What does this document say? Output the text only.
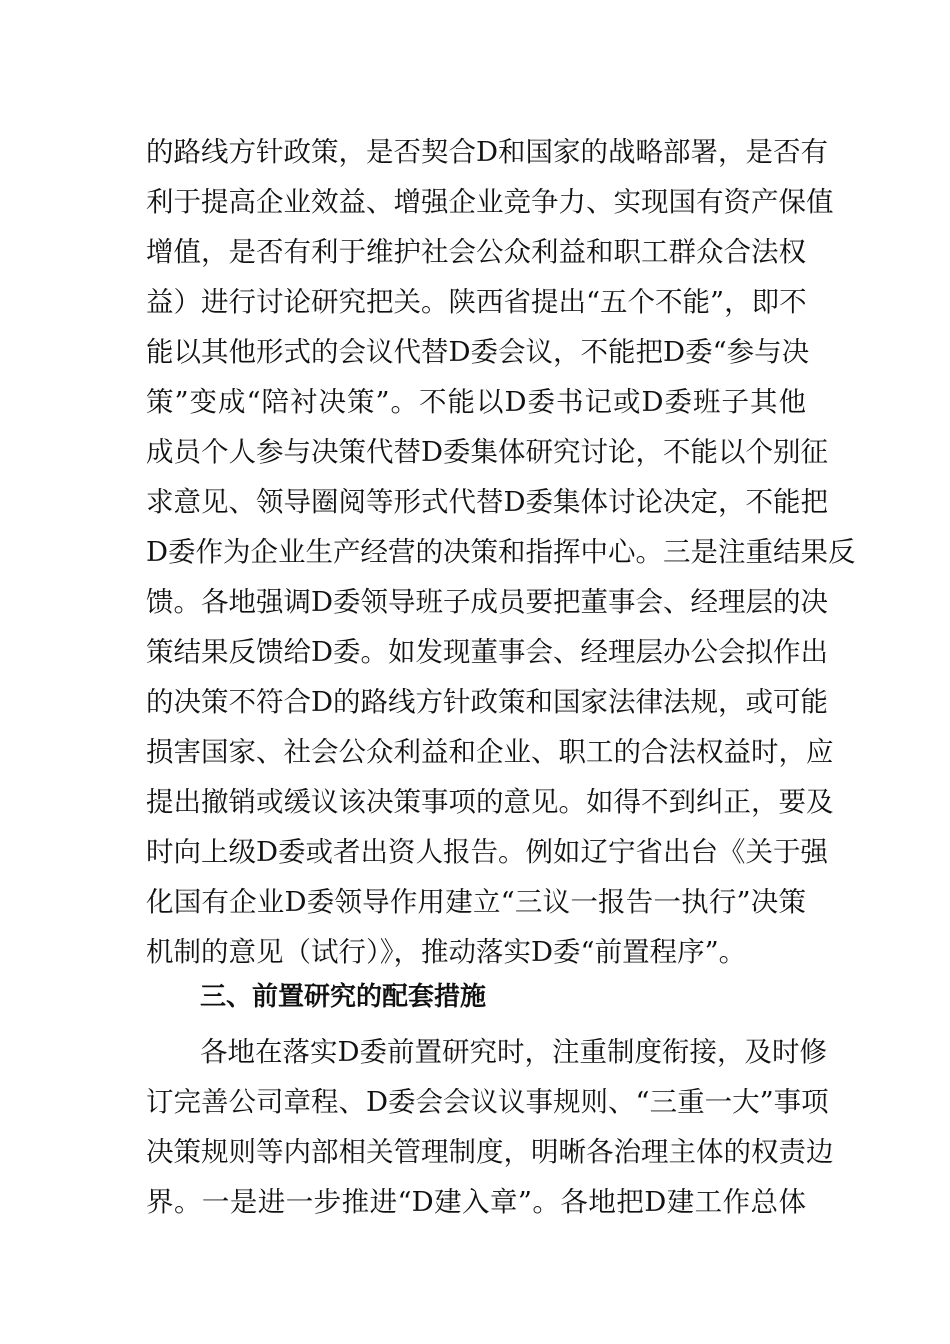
的路线方针政策，是否契合D和国家的战略部署，是否有
利于提高企业效益、增强企业竞争力、实现国有资产保值
增值，是否有利于维护社会公众利益和职工群众合法权
益）进行讨论研究把关。陕西省提出“五个不能”，即不
能以其他形式的会议代替D委会议，不能把D委“参与决
策”变成“陪衬决策”。不能以D委书记或D委班子其他
成员个人参与决策代替D委集体研究讨论，不能以个别征
求意见、领导圈阅等形式代替D委集体讨论决定，不能把
D委作为企业生产经营的决策和指挥中心。三是注重结果反
馈。各地强调D委领导班子成员要把董事会、经理层的决
策结果反馈给D委。如发现董事会、经理层办公会拟作出
的决策不符合D的路线方针政策和国家法律法规，或可能
损害国家、社会公众利益和企业、职工的合法权益时，应
提出撤销或缓议该决策事项的意见。如得不到纠正，要及
时向上级D委或者出资人报告。例如辽宁省出台《关于强
化国有企业D委领导作用建立“三议一报告一执行”决策
机制的意见（试行）》，推动落实D委“前置程序”。
三、前置研究的配套措施
各地在落实D委前置研究时，注重制度衔接，及时修
订完善公司章程、D委会会议议事规则、“三重一大”事项
决策规则等内部相关管理制度，明晰各治理主体的权责边
界。一是进一步推进“D建入章”。各地把D建工作总体
